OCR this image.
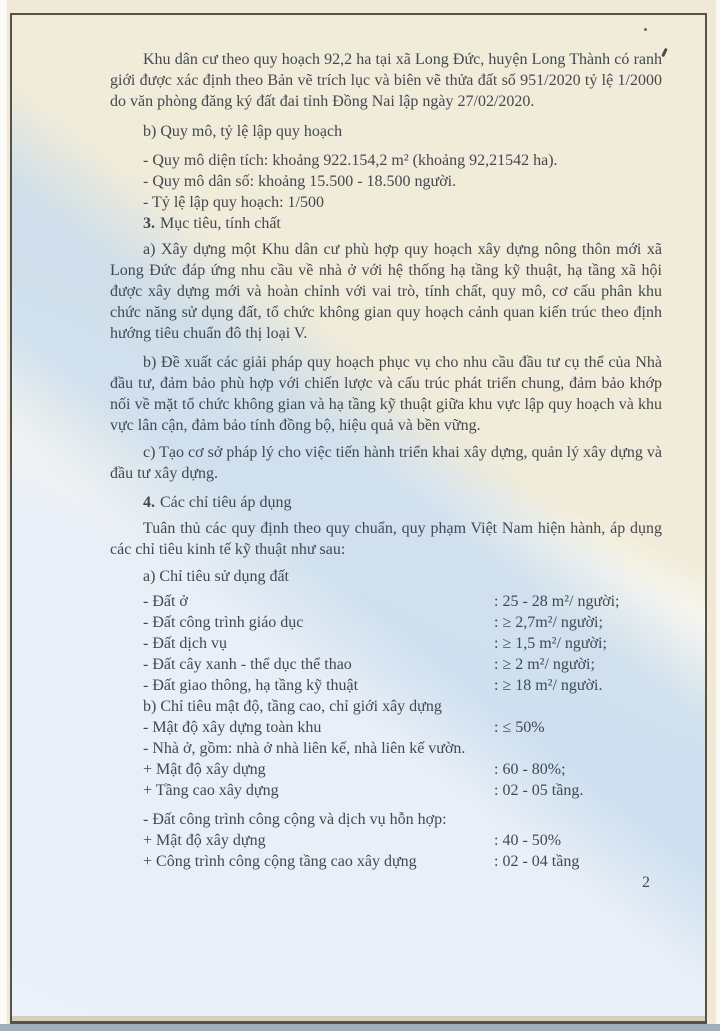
Khu dân cư theo quy hoạch 92,2 ha tại xã Long Đức, huyện Long Thành có ranh giới được xác định theo Bản vẽ trích lục và biên vẽ thửa đất số 951/2020 tỷ lệ 1/2000 do văn phòng đăng ký đất đai tỉnh Đồng Nai lập ngày 27/02/2020.

b) Quy mô, tỷ lệ lập quy hoạch
- Quy mô diện tích: khoảng 922.154,2 m² (khoảng 92,21542 ha).
- Quy mô dân số: khoảng 15.500 - 18.500 người.
- Tỷ lệ lập quy hoạch: 1/500
3. Mục tiêu, tính chất

a) Xây dựng một Khu dân cư phù hợp quy hoạch xây dựng nông thôn mới xã Long Đức đáp ứng nhu cầu về nhà ở với hệ thống hạ tầng kỹ thuật, hạ tầng xã hội được xây dựng mới và hoàn chỉnh với vai trò, tính chất, quy mô, cơ cấu phân khu chức năng sử dụng đất, tổ chức không gian quy hoạch cảnh quan kiến trúc theo định hướng tiêu chuẩn đô thị loại V.

b) Đề xuất các giải pháp quy hoạch phục vụ cho nhu cầu đầu tư cụ thể của Nhà đầu tư, đảm bảo phù hợp với chiến lược và cấu trúc phát triển chung, đảm bảo khớp nối về mặt tổ chức không gian và hạ tầng kỹ thuật giữa khu vực lập quy hoạch và khu vực lân cận, đảm bảo tính đồng bộ, hiệu quả và bền vững.

c) Tạo cơ sở pháp lý cho việc tiến hành triển khai xây dựng, quản lý xây dựng và đầu tư xây dựng.

4. Các chỉ tiêu áp dụng

Tuân thủ các quy định theo quy chuẩn, quy phạm Việt Nam hiện hành, áp dụng các chỉ tiêu kinh tế kỹ thuật như sau:

a) Chỉ tiêu sử dụng đất
- Đất ở	: 25 - 28 m²/ người;
- Đất công trình giáo dục	: ≥ 2,7m²/ người;
- Đất dịch vụ	: ≥ 1,5 m²/ người;
- Đất cây xanh - thể dục thể thao	: ≥ 2 m²/ người;
- Đất giao thông, hạ tầng kỹ thuật	: ≥ 18 m²/ người.
b) Chỉ tiêu mật độ, tầng cao, chỉ giới xây dựng
- Mật độ xây dựng toàn khu	: ≤ 50%
- Nhà ở, gồm: nhà ở nhà liên kế, nhà liên kế vườn.
+ Mật độ xây dựng	: 60 - 80%;
+ Tầng cao xây dựng	: 02 - 05 tầng.
- Đất công trình công cộng và dịch vụ hỗn hợp:
+ Mật độ xây dựng	: 40 - 50%
+ Công trình công cộng tầng cao xây dựng	: 02 - 04 tầng
2
